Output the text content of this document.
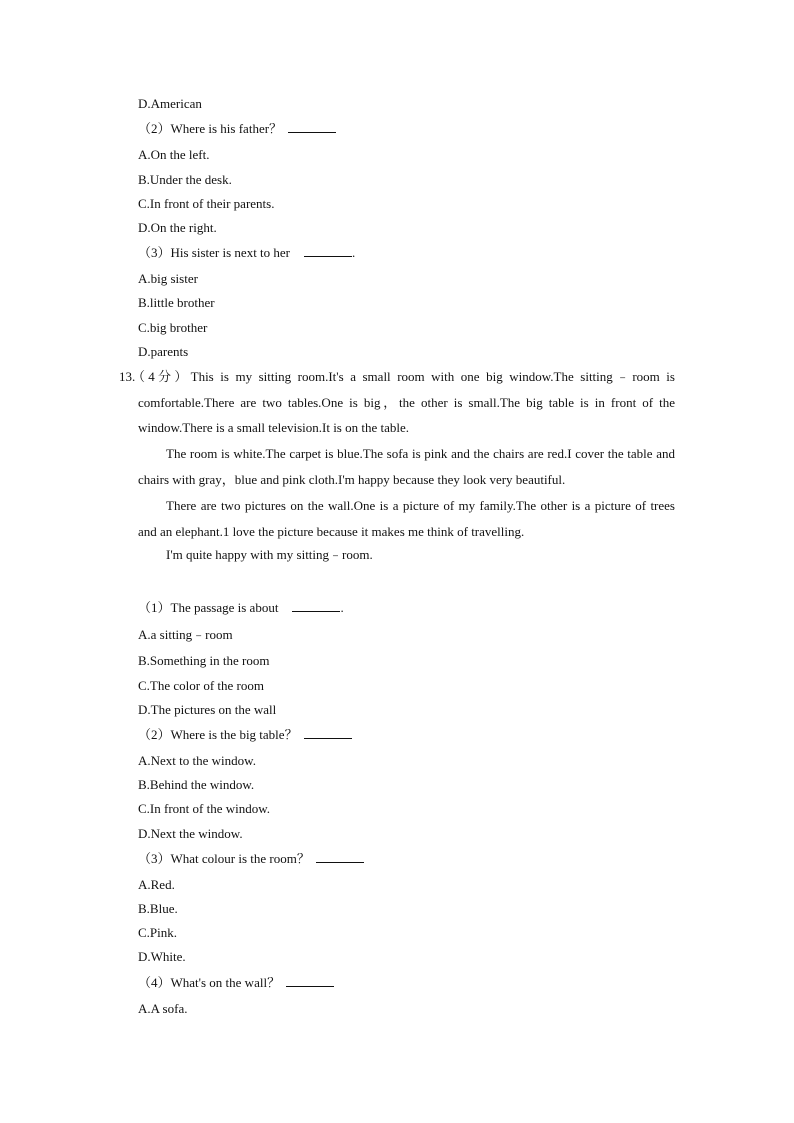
D.American
（2）Where is his father？
A.On the left.
B.Under the desk.
C.In front of their parents.
D.On the right.
（3）His sister is next to her	.
A.big sister
B.little brother
C.big brother
D.parents
13.
（4分）This is my sitting room.It's a small room with one big window.The sitting﹣room is comfortable.There are two tables.One is big，the other is small.The big table is in front of the window.There is a small television.It is on the table.
The room is white.The carpet is blue.The sofa is pink and the chairs are red.I cover the table and chairs with gray，blue and pink cloth.I'm happy because they look very beautiful.
There are two pictures on the wall.One is a picture of my family.The other is a picture of trees and an elephant.1 love the picture because it makes me think of travelling.
I'm quite happy with my sitting﹣room.
（1）The passage is about	.
A.a sitting﹣room
B.Something in the room
C.The color of the room
D.The pictures on the wall
（2）Where is the big table？
A.Next to the window.
B.Behind the window.
C.In front of the window.
D.Next the window.
（3）What colour is the room？
A.Red.
B.Blue.
C.Pink.
D.White.
（4）What's on the wall？
A.A sofa.
